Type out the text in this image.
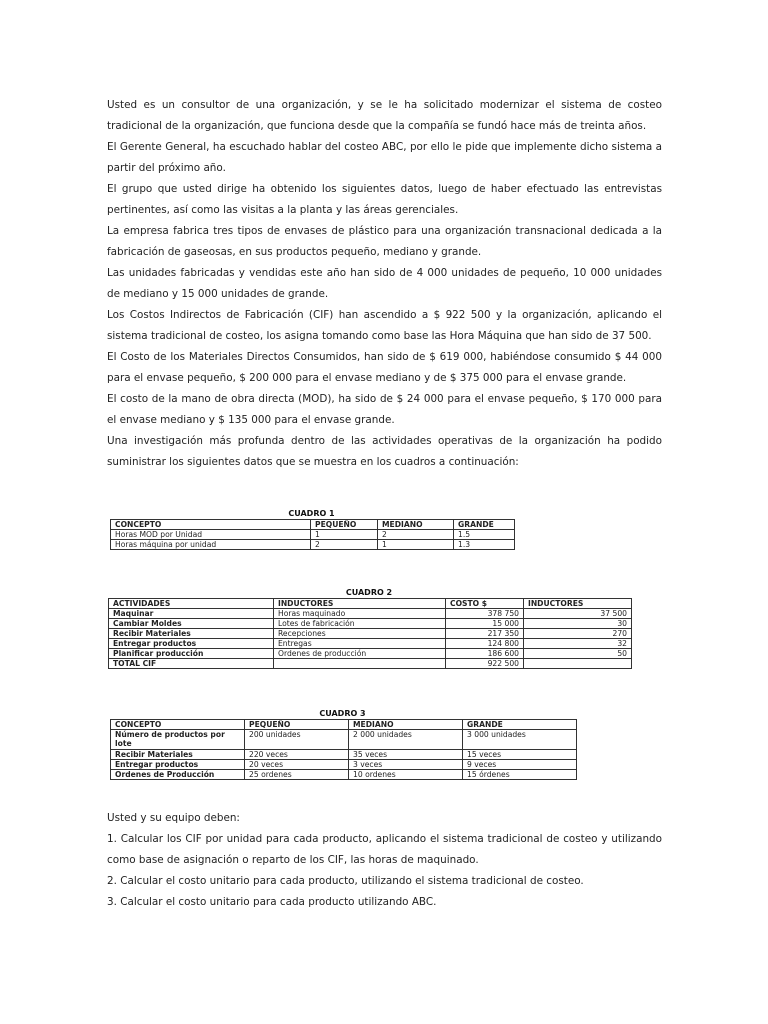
Usted es un consultor de una organización, y se le ha solicitado modernizar el sistema de costeo tradicional de la organización, que funciona desde que la compañía se fundó hace más de treinta años.

El Gerente General, ha escuchado hablar del costeo ABC, por ello le pide que implemente dicho sistema a partir del próximo año.

El grupo que usted dirige ha obtenido los siguientes datos, luego de haber efectuado las entrevistas pertinentes, así como las visitas a la planta y las áreas gerenciales.

La empresa fabrica tres tipos de envases de plástico para una organización transnacional dedicada a la fabricación de gaseosas, en sus productos pequeño, mediano y grande.

Las unidades fabricadas y vendidas este año han sido de 4 000 unidades de pequeño, 10 000 unidades de mediano y 15 000 unidades de grande.

Los Costos Indirectos de Fabricación (CIF) han ascendido a $ 922 500 y la organización, aplicando el sistema tradicional de costeo, los asigna tomando como base las Hora Máquina que han sido de 37 500.

El Costo de los Materiales Directos Consumidos, han sido de $ 619 000, habiéndose consumido $ 44 000 para el envase pequeño, $ 200 000 para el envase mediano y de $ 375 000 para el envase grande.

El costo de la mano de obra directa (MOD), ha sido de $ 24 000 para el envase pequeño, $ 170 000 para el envase mediano y $ 135 000 para el envase grande.

Una investigación más profunda dentro de las actividades operativas de la organización ha podido suministrar los siguientes datos que se muestra en los cuadros a continuación:

CUADRO 1
CONCEPTO	PEQUEÑO	MEDIANO	GRANDE
Horas MOD por Unidad	1	2	1.5
Horas máquina por unidad	2	1	1.3
CUADRO 2
ACTIVIDADES	INDUCTORES	COSTO $	INDUCTORES
Maquinar	Horas maquinado	378 750	37 500
Cambiar Moldes	Lotes de fabricación	15 000	30
Recibir Materiales	Recepciones	217 350	270
Entregar productos	Entregas	124 800	32
Planificar producción	Ordenes de producción	186 600	50
TOTAL CIF		922 500	
CUADRO 3
CONCEPTO	PEQUEÑO	MEDIANO	GRANDE
Número de productos por lote	200 unidades	2 000 unidades	3 000 unidades
Recibir Materiales	220 veces	35 veces	15 veces
Entregar productos	20 veces	3 veces	9 veces
Ordenes de Producción	25 ordenes	10 ordenes	15 órdenes

Usted y su equipo deben:

1. Calcular los CIF por unidad para cada producto, aplicando el sistema tradicional de costeo y utilizando como base de asignación o reparto de los CIF, las horas de maquinado.

2. Calcular el costo unitario para cada producto, utilizando el sistema tradicional de costeo.

3. Calcular el costo unitario para cada producto utilizando ABC.
